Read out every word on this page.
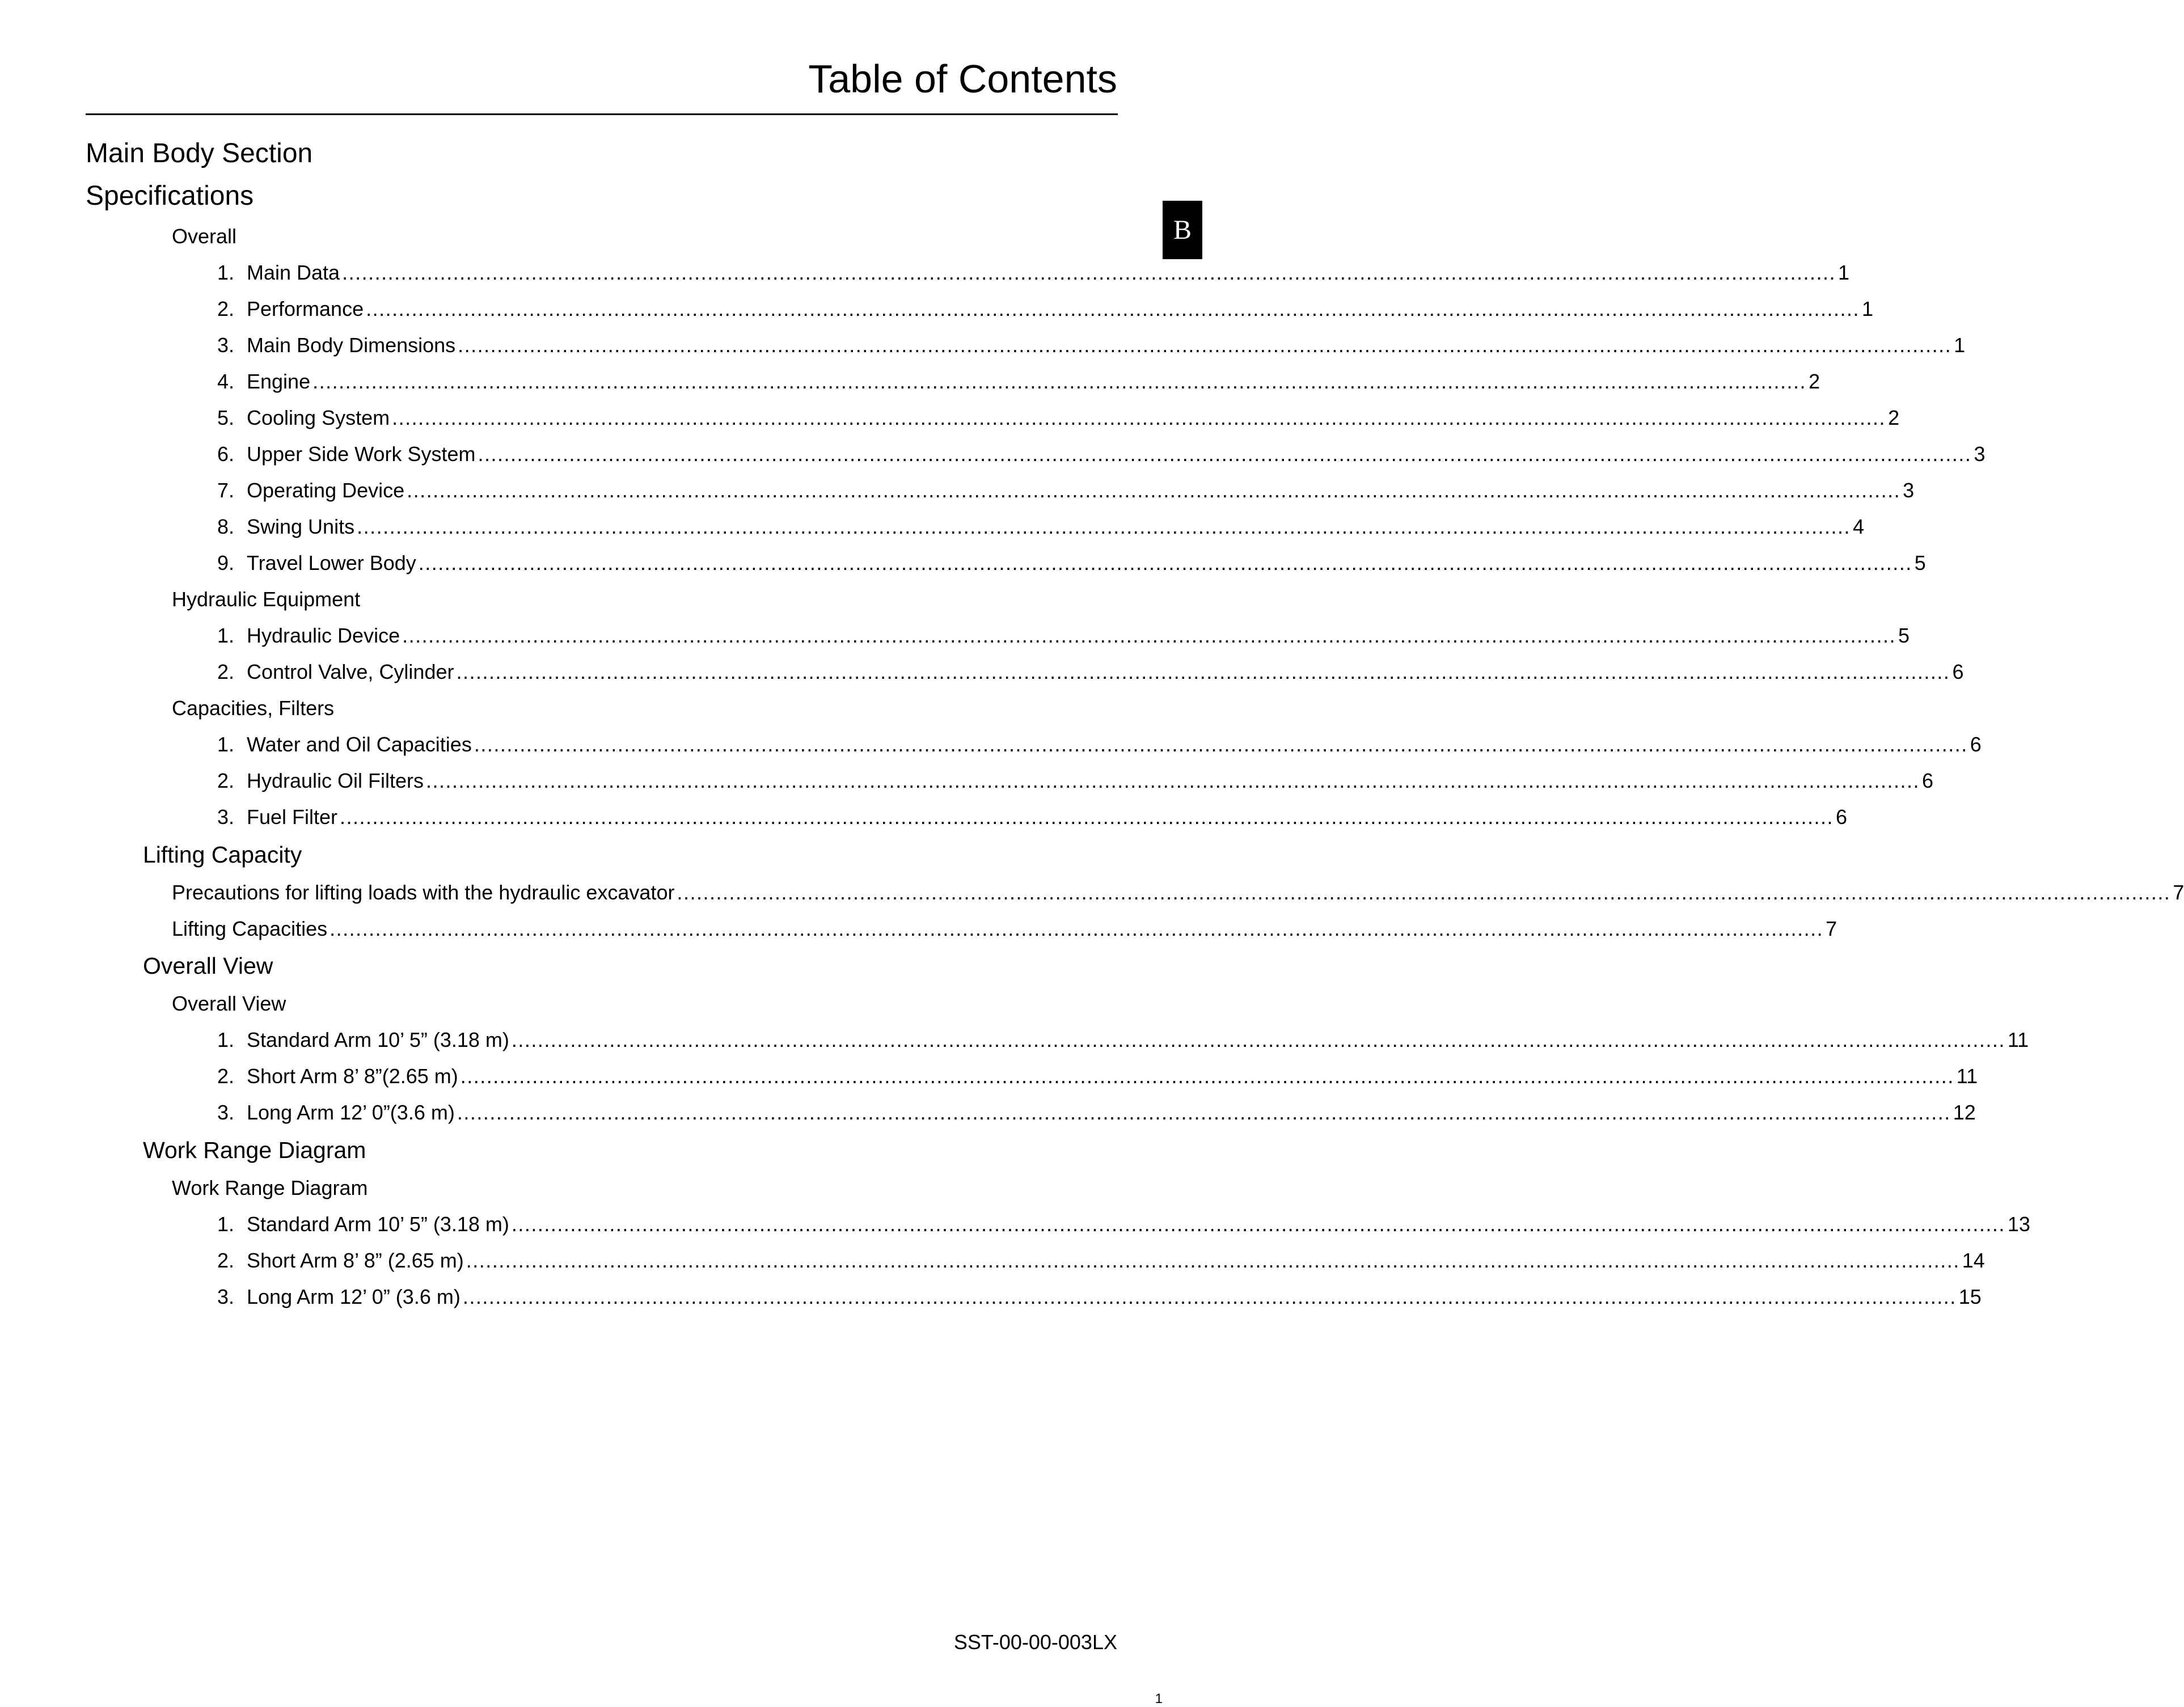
Table of Contents
B
Main Body Section
Specifications
Overall
1. Main Data ..................................................................................................................................................................................................................................... 1
2. Performance ..................................................................................................................................................................................................................................... 1
3. Main Body Dimensions ..................................................................................................................................................................................................................................... 1
4. Engine ..................................................................................................................................................................................................................................... 2
5. Cooling System ..................................................................................................................................................................................................................................... 2
6. Upper Side Work System ..................................................................................................................................................................................................................................... 3
7. Operating Device ..................................................................................................................................................................................................................................... 3
8. Swing Units ..................................................................................................................................................................................................................................... 4
9. Travel Lower Body ..................................................................................................................................................................................................................................... 5
Hydraulic Equipment
1. Hydraulic Device ..................................................................................................................................................................................................................................... 5
2. Control Valve, Cylinder ..................................................................................................................................................................................................................................... 6
Capacities, Filters
1. Water and Oil Capacities ..................................................................................................................................................................................................................................... 6
2. Hydraulic Oil Filters ..................................................................................................................................................................................................................................... 6
3. Fuel Filter ..................................................................................................................................................................................................................................... 6
Lifting Capacity
Precautions for lifting loads with the hydraulic excavator ..................................................................................................................................................................................................................................... 7
Lifting Capacities ..................................................................................................................................................................................................................................... 7
Overall View
Overall View
1. Standard Arm 10’ 5” (3.18 m) ..................................................................................................................................................................................................................................... 11
2. Short Arm 8’ 8”(2.65 m) ..................................................................................................................................................................................................................................... 11
3. Long Arm 12’ 0”(3.6 m) ..................................................................................................................................................................................................................................... 12
Work Range Diagram
Work Range Diagram
1. Standard Arm 10’ 5” (3.18 m) ..................................................................................................................................................................................................................................... 13
2. Short Arm 8’ 8” (2.65 m) ..................................................................................................................................................................................................................................... 14
3. Long Arm 12’ 0” (3.6 m) ..................................................................................................................................................................................................................................... 15
SST-00-00-003LX
1
